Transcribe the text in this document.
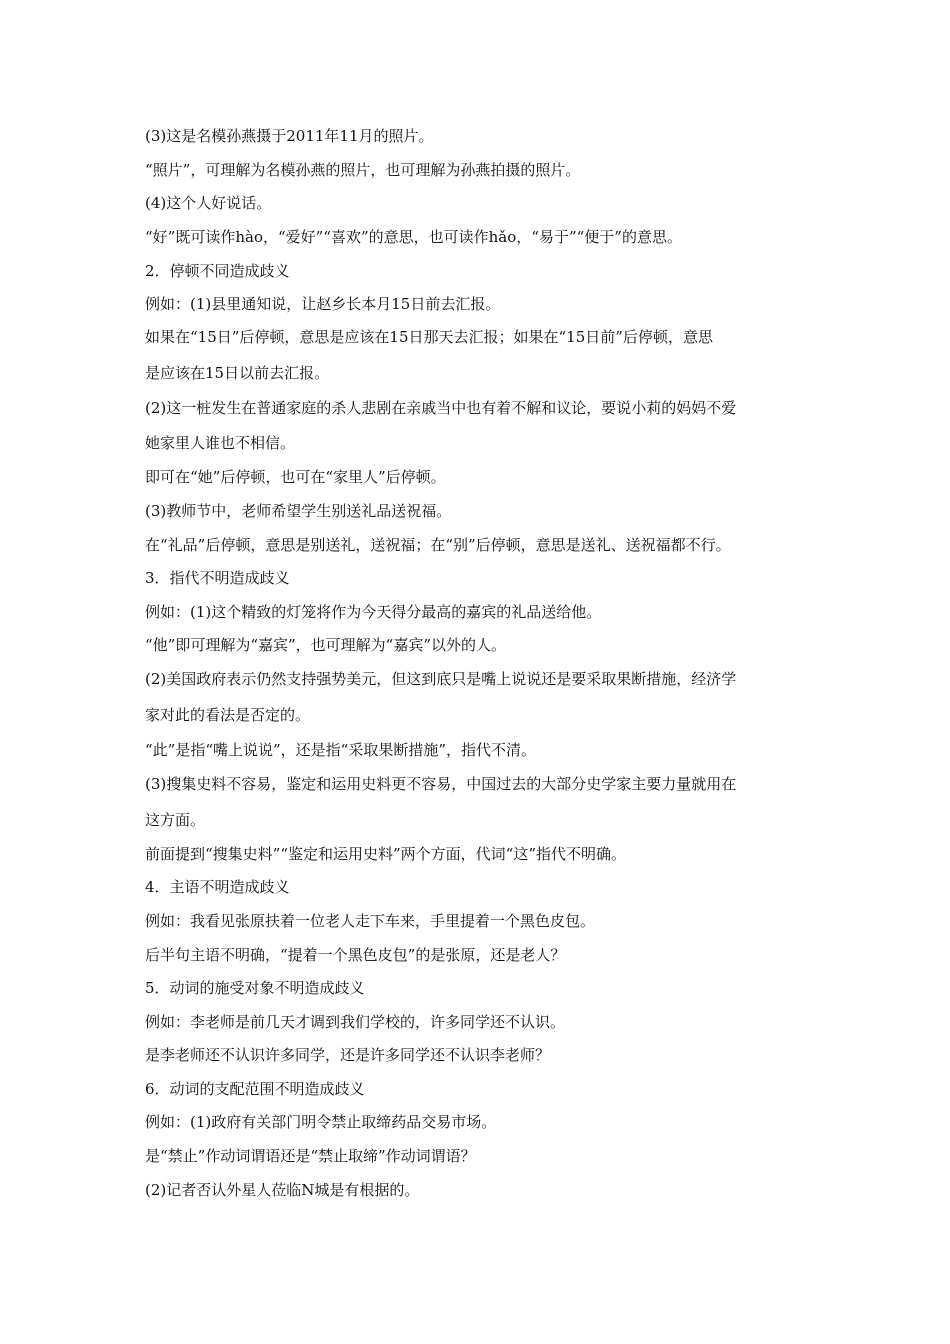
(3)这是名模孙燕摄于2011年11月的照片。
“照片”，可理解为名模孙燕的照片，也可理解为孙燕拍摄的照片。
(4)这个人好说话。
“好”既可读作hào，“爱好”“喜欢”的意思，也可读作hǎo，“易于”“便于”的意思。
2．停顿不同造成歧义
例如：(1)县里通知说，让赵乡长本月15日前去汇报。
如果在“15日”后停顿，意思是应该在15日那天去汇报；如果在“15日前”后停顿，意思
是应该在15日以前去汇报。
(2)这一桩发生在普通家庭的杀人悲剧在亲戚当中也有着不解和议论，要说小莉的妈妈不爱
她家里人谁也不相信。
即可在“她”后停顿，也可在“家里人”后停顿。
(3)教师节中，老师希望学生别送礼品送祝福。
在“礼品”后停顿，意思是别送礼，送祝福；在“别”后停顿，意思是送礼、送祝福都不行。
3．指代不明造成歧义
例如：(1)这个精致的灯笼将作为今天得分最高的嘉宾的礼品送给他。
“他”即可理解为“嘉宾”，也可理解为“嘉宾”以外的人。
(2)美国政府表示仍然支持强势美元，但这到底只是嘴上说说还是要采取果断措施，经济学
家对此的看法是否定的。
“此”是指“嘴上说说”，还是指“采取果断措施”，指代不清。
(3)搜集史料不容易，鉴定和运用史料更不容易，中国过去的大部分史学家主要力量就用在
这方面。
前面提到“搜集史料”“鉴定和运用史料”两个方面，代词“这”指代不明确。
4．主语不明造成歧义
例如：我看见张原扶着一位老人走下车来，手里提着一个黑色皮包。
后半句主语不明确，“提着一个黑色皮包”的是张原，还是老人？
5．动词的施受对象不明造成歧义
例如：李老师是前几天才调到我们学校的，许多同学还不认识。
是李老师还不认识许多同学，还是许多同学还不认识李老师？
6．动词的支配范围不明造成歧义
例如：(1)政府有关部门明令禁止取缔药品交易市场。
是“禁止”作动词谓语还是“禁止取缔”作动词谓语？
(2)记者否认外星人莅临N城是有根据的。
